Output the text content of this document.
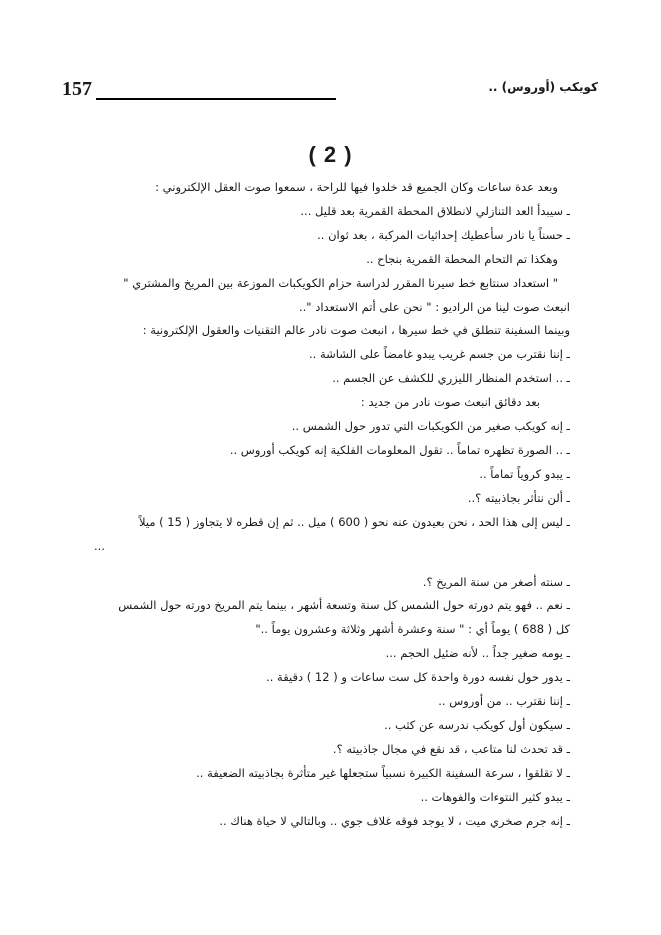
157	كويكب (أوروس) ..
( 2 )

وبعد عدة ساعات وكان الجميع قد خلدوا فيها للراحة ، سمعوا صوت العقل الإلكتروني :

ـ سيبدأ العد التنازلي لانطلاق المحطة القمرية بعد قليل ...

ـ حسناً يا نادر سأعطيك إحداثيات المركبة ، بعد ثوان ..

وهكذا تم التحام المحطة القمرية بنجاح ..

" استعداد سنتابع خط سيرنا المقرر لدراسة حزام الكويكبات الموزعة بين المريخ والمشتري "

انبعث صوت لينا من الراديو : " نحن على أتم الاستعداد "..

وبينما السفينة تنطلق في خط سيرها ، انبعث صوت نادر عالم التقنيات والعقول الإلكترونية :

ـ إننا نقترب من جسم غريب يبدو غامضاً على الشاشة ..

ـ .. استخدم المنظار الليزري للكشف عن الجسم ..

بعد دقائق انبعث صوت نادر من جديد :

ـ إنه كويكب صغير من الكويكبات التي تدور حول الشمس ..

ـ .. الصورة تظهره تماماً .. تقول المعلومات الفلكية إنه كويكب أوروس ..

ـ يبدو كروياً تماماً ..

ـ ألن نتأثر بجاذبيته ؟..

ـ ليس إلى هذا الحد ، نحن بعيدون عنه نحو ( 600 ) ميل .. ثم إن قطره لا يتجاوز ( 15 ) ميلاً

...

ـ سنته أصغر من سنة المريخ ؟.

ـ نعم .. فهو يتم دورته حول الشمس كل سنة وتسعة أشهر ، بينما يتم المريخ دورته حول الشمس

كل ( 688 ) يوماً أي : " سنة وعشرة أشهر وثلاثة وعشرون يوماً .."

ـ يومه صغير جداً .. لأنه ضئيل الحجم ...

ـ يدور حول نفسه دورة واحدة كل ست ساعات و ( 12 ) دقيقة ..

ـ إننا نقترب .. من أوروس ..

ـ سيكون أول كويكب ندرسه عن كثب ..

ـ قد تحدث لنا متاعب ، قد نقع في مجال جاذبيته ؟.

ـ لا تقلقوا ، سرعة السفينة الكبيرة نسبياً ستجعلها غير متأثرة بجاذبيته الضعيفة ..

ـ يبدو كثير النتوءات والفوهات ..

ـ إنه جرم صخري ميت ، لا يوجد فوقه غلاف جوي .. وبالتالي لا حياة هناك ..
